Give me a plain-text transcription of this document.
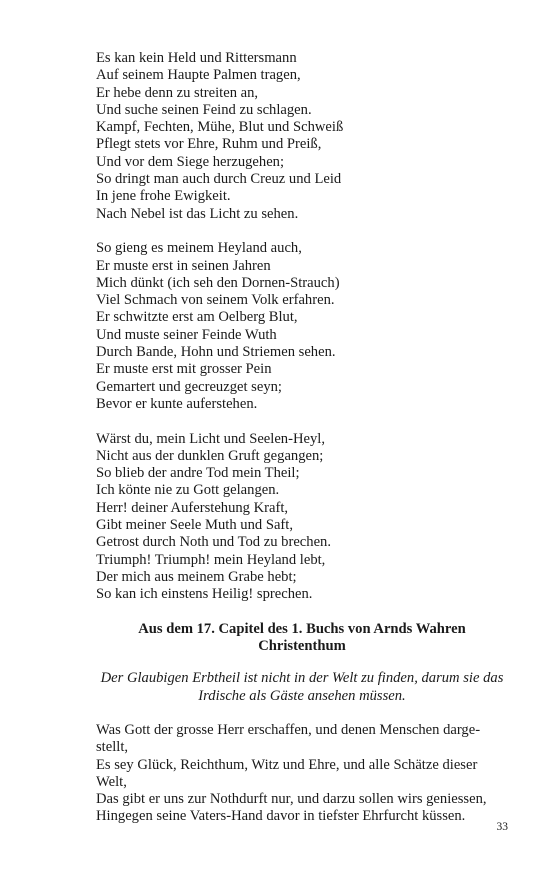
Es kan kein Held und Rittersmann
Auf seinem Haupte Palmen tragen,
Er hebe denn zu streiten an,
Und suche seinen Feind zu schlagen.
Kampf, Fechten, Mühe, Blut und Schweiß
Pflegt stets vor Ehre, Ruhm und Preiß,
Und vor dem Siege herzugehen;
So dringt man auch durch Creuz und Leid
In jene frohe Ewigkeit.
Nach Nebel ist das Licht zu sehen.
So gieng es meinem Heyland auch,
Er muste erst in seinen Jahren
Mich dünkt (ich seh den Dornen-Strauch)
Viel Schmach von seinem Volk erfahren.
Er schwitzte erst am Oelberg Blut,
Und muste seiner Feinde Wuth
Durch Bande, Hohn und Striemen sehen.
Er muste erst mit grosser Pein
Gemartert und gecreuzget seyn;
Bevor er kunte auferstehen.
Wärst du, mein Licht und Seelen-Heyl,
Nicht aus der dunklen Gruft gegangen;
So blieb der andre Tod mein Theil;
Ich könte nie zu Gott gelangen.
Herr! deiner Auferstehung Kraft,
Gibt meiner Seele Muth und Saft,
Getrost durch Noth und Tod zu brechen.
Triumph! Triumph! mein Heyland lebt,
Der mich aus meinem Grabe hebt;
So kan ich einstens Heilig! sprechen.
Aus dem 17. Capitel des 1. Buchs von Arnds Wahren Christenthum
Der Glaubigen Erbtheil ist nicht in der Welt zu finden, darum sie das Irdische als Gäste ansehen müssen.
Was Gott der grosse Herr erschaffen, und denen Menschen darge-
stellt,
Es sey Glück, Reichthum, Witz und Ehre, und alle Schätze dieser
Welt,
Das gibt er uns zur Nothdurft nur, und darzu sollen wirs geniessen,
Hingegen seine Vaters-Hand davor in tiefster Ehrfurcht küssen.
33
